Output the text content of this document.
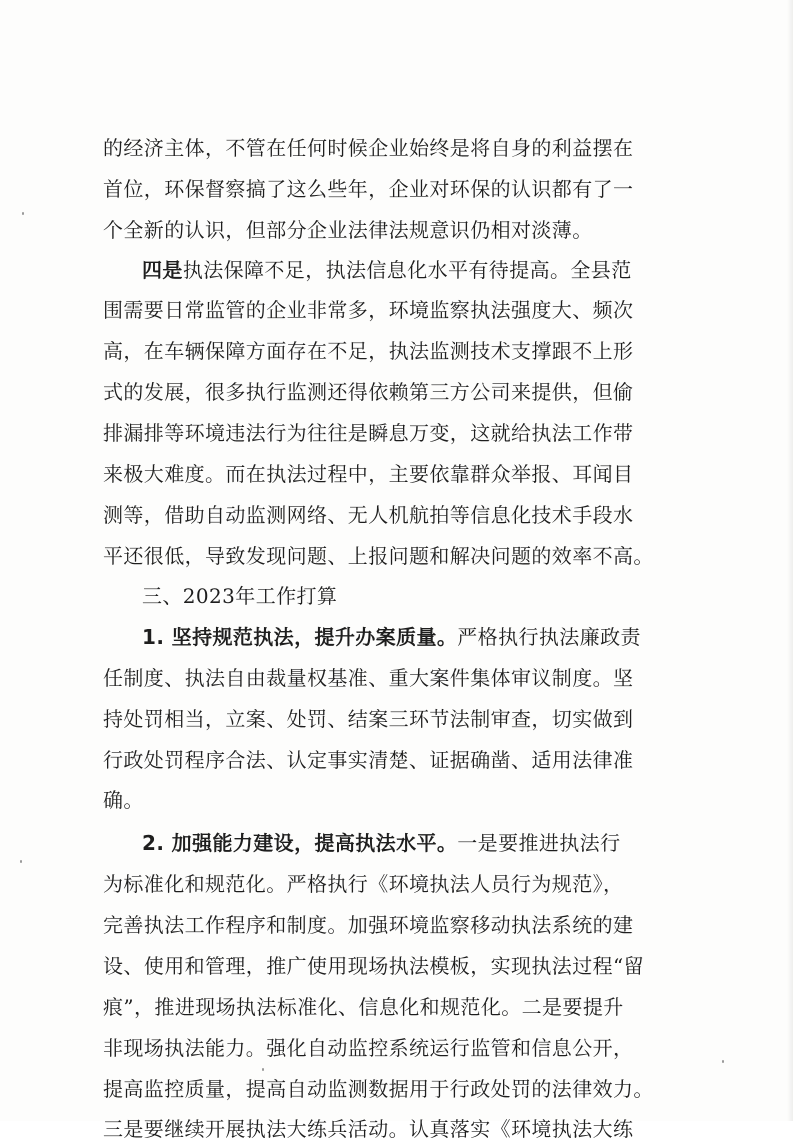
的经济主体，不管在任何时候企业始终是将自身的利益摆在
首位，环保督察搞了这么些年，企业对环保的认识都有了一
个全新的认识，但部分企业法律法规意识仍相对淡薄。
四是执法保障不足，执法信息化水平有待提高。全县范
围需要日常监管的企业非常多，环境监察执法强度大、频次
高，在车辆保障方面存在不足，执法监测技术支撑跟不上形
式的发展，很多执行监测还得依赖第三方公司来提供，但偷
排漏排等环境违法行为往往是瞬息万变，这就给执法工作带
来极大难度。而在执法过程中，主要依靠群众举报、耳闻目
测等，借助自动监测网络、无人机航拍等信息化技术手段水
平还很低，导致发现问题、上报问题和解决问题的效率不高。
三、2023年工作打算
1. 坚持规范执法，提升办案质量。严格执行执法廉政责
任制度、执法自由裁量权基准、重大案件集体审议制度。坚
持处罚相当，立案、处罚、结案三环节法制审查，切实做到
行政处罚程序合法、认定事实清楚、证据确凿、适用法律准
确。
2. 加强能力建设，提高执法水平。一是要推进执法行
为标准化和规范化。严格执行《环境执法人员行为规范》，
完善执法工作程序和制度。加强环境监察移动执法系统的建
设、使用和管理，推广使用现场执法模板，实现执法过程“留
痕”，推进现场执法标准化、信息化和规范化。二是要提升
非现场执法能力。强化自动监控系统运行监管和信息公开，
提高监控质量，提高自动监测数据用于行政处罚的法律效力。
三是要继续开展执法大练兵活动。认真落实《环境执法大练
